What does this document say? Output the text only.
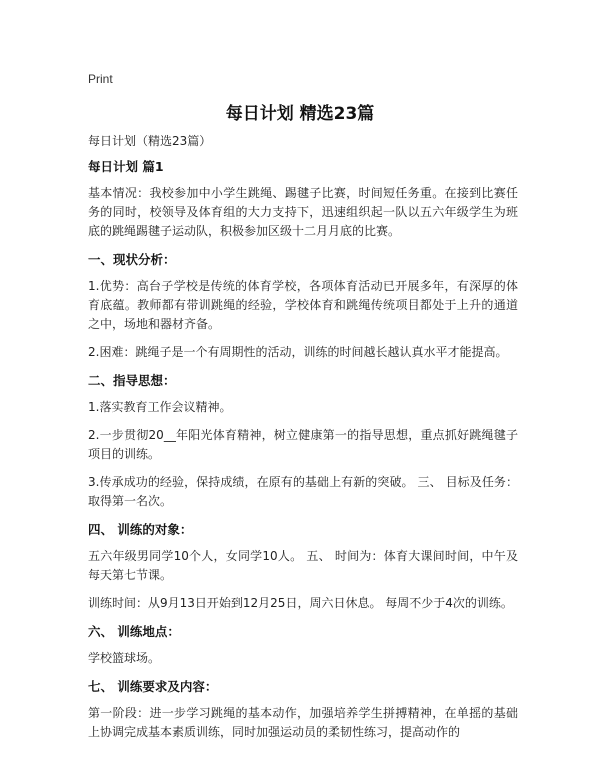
Print
每日计划 精选23篇

每日计划（精选23篇）

每日计划 篇1

基本情况：我校参加中小学生跳绳、踢毽子比赛，时间短任务重。在接到比赛任务的同时，校领导及体育组的大力支持下，迅速组织起一队以五六年级学生为班底的跳绳踢毽子运动队，积极参加区级十二月月底的比赛。

一、现状分析：

1.优势：高台子学校是传统的体育学校，各项体育活动已开展多年，有深厚的体育底蕴。教师都有带训跳绳的经验，学校体育和跳绳传统项目都处于上升的通道之中，场地和器材齐备。

2.困难：跳绳子是一个有周期性的活动，训练的时间越长越认真水平才能提高。

二、指导思想：

1.落实教育工作会议精神。

2.一步贯彻20__年阳光体育精神，树立健康第一的指导思想，重点抓好跳绳毽子项目的训练。

3.传承成功的经验，保持成绩，在原有的基础上有新的突破。 三、 目标及任务：取得第一名次。

四、 训练的对象：

五六年级男同学10个人，女同学10人。 五、 时间为：体育大课间时间，中午及每天第七节课。

训练时间：从9月13日开始到12月25日，周六日休息。 每周不少于4次的训练。

六、 训练地点：

学校篮球场。

七、 训练要求及内容：

第一阶段：进一步学习跳绳的基本动作，加强培养学生拼搏精神，在单摇的基础上协调完成基本素质训练，同时加强运动员的柔韧性练习，提高动作的
